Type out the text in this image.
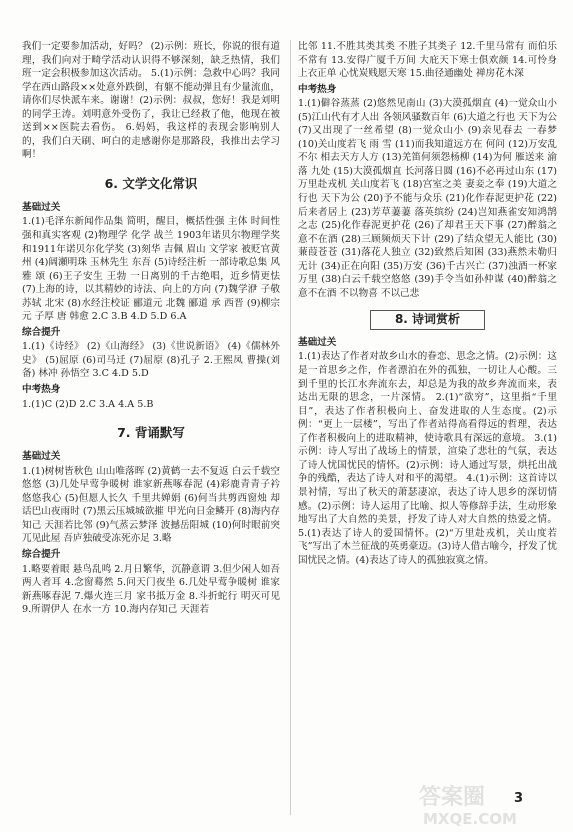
我们一定要参加活动，好吗？ (2)示例：班长，你说的很有道理，我们向对于畸学活动认识得不够深刻，缺乏热情，我们班一定会积极参加这次活动。 5.(1)示例：急救中心吗？我同学在西山路段××处意外跌倒，有躯不能动弹且有少量流血，请你们尽快派车来。谢谢！(2)示例：叔叔，您好！我是刘明的同学王涛。刘明意外受伤了，我让已经救了他，他现在被送到××医院去看伤。 6.妈妈，我这样的表现会影响别人的，我们白天刷、呵白的走感谢你是那路段，我推出去学习啊！

6. 文学文化常识
基础过关

1.(1)毛泽东新闻作品集 简明，醒目，概括性强 主体 时间性强和真实客观 (2)物理学 化学 战兰 1903年诺贝尔物理学奖和1911年诺贝尔化学奖 (3)刻华 吉佩 眉山 文学家 被贬官黄州 (4)阔瀬明珠 玉林先生 东吾 (5)诗经注析 一部诗歌总集 风 雅 颂 (6)王子安生 王勃 一日离别的千古绝唱，近乡情更怯 (7)上海的诗，以其精妙的诗法、向上的方向 (7)魏学洢 子敬 苏轼 北宋 (8)水经注校证 郦道元 北魏 郦道 承 西晋 (9)柳宗元 子厚 唐 韩愈 2.C 3.B 4.D 5.D 6.A

综合提升

1.(1)《诗经》 (2)《山海经》 (3)《世说新语》 (4)《儒林外史》 (5)屈原 (6)司马迁 (7)屈原 (8)孔子 2.王熙凤 曹操(刘备) 林冲 孙悟空 3.C 4.D 5.D

中考热身

1.(1)C (2)D 2.C 3.A 4.A 5.B

7. 背诵默写
基础过关

1.(1)树树皆秋色 山山唯落晖 (2)黄鹤一去不复返 白云千载空悠悠 (3)几处早莺争暖树 谁家新燕啄春泥 (4)彩鹿青青子衿 悠悠我心 (5)但愿人长久 千里共婵娟 (6)何当共剪西窗烛 却话巴山夜雨时 (7)黑云压城城欲摧 甲光向日金鳞开 (8)海内存知己 天涯若比邻 (9)气蒸云梦泽 波撼岳阳城 (10)何时眼前突兀见此屋 吾庐独破受冻死亦足 3.略

综合提升

1.略要着眼 悬鸟乱鸣 2.月日繁华，沉静意谓 3.但少闲人如吾两人者耳 4.念窗蓦然 5.问天门夜坐 6.几处早莺争暖树 谁家新燕啄春泥 7.爆火连三月 家书抵万金 8.斗折蛇行 明灭可见 9.所谓伊人 在水一方 10.海内存知己 天涯若

比邻 11.不胜其类其类 不胜子其类子 12.千里马常有 而伯乐不常有 13.安得广厦千万间 大庇天下寒士俱欢颜 14.可怜身上衣正单 心忧炭贱愿天寒 15.曲径通幽处 禅房花木深

中考热身

1.(1)僻谷蒸蒸 (2)悠然见南山 (3)大漠孤烟直 (4)一觉众山小 (5)江山代有才人出 各领风骚数百年 (6)大道之行也 天下为公 (7)又出现了一丝希望 (8)一觉众山小 (9)亲见春去 一春梦 (10)关山度若飞 雨 雪 (11)而我知道远方在 何问 (12)万安乱不尔 相去天方人方 (13)羌笛何须怨杨柳 (14)为何 雁送来 渝落 九处 (15)大漠孤烟直 长河落日圆 (16)不必再过山东 (17)万里赴戎机 关山度若飞 (18)宫室之美 妻妾之奉 (19)大道之行也 天下为公 (20)予不能与众乐 (21)化作春泥更护花 (22)后来者居上 (23)芳草萋萋 落英缤纷 (24)岂知燕雀安知鸿鹄之志 (25)化作春泥更护花 (26)了却君王天下事 (27)醉翁之意不在酒 (28)三顾频烦天下计 (29)了结众望无人能比 (30)蒹葭苍苍 (31)落花人独立 (32)致然后知困 (33)燕然未勒归无计 (34)正在向阳 (35)万安 (36)千古兴亡 (37)浊酒一杯家万里 (38)白云千载空悠悠 (39)手令当如孙仲谋 (40)醉翁之意不在酒 不以物喜 不以己悲

8. 诗词赏析
基础过关

1.(1)表达了作者对故乡山水的眷恋、思念之情。(2)示例：这是一首思乡之作，作者漂泊在外的孤独，一切让人心酸。三到千里的长江水奔流东去，却总是为我的故乡奔流而来，表达出无限的思念，一片深情。 2.(1)“欲穷”，这里指“千里目”，表达了作者积极向上、奋发进取的人生态度。(2)示例：“更上一层楼”，写出了作者站得高看得远的哲理，表达了作者积极向上的进取精神，使诗歌具有深远的意境。 3.(1)示例：诗人写出了战场上的情景，渲染了悲壮的气氛，表达了诗人忧国忧民的情怀。(2)示例：诗人通过写景，烘托出战争的残酷，表达了诗人对和平的渴望。 4.(1)示例：这首诗以景衬情，写出了秋天的萧瑟凄凉，表达了诗人思乡的深切情感。(2)示例：诗人运用了比喻、拟人等修辞手法，生动形象地写出了大自然的美景，抒发了诗人对大自然的热爱之情。 5.(1)表达了诗人的爱国情怀。(2)“万里赴戎机，关山度若飞”写出了木兰征战的英勇豪迈。(3)诗人借古喻今，抒发了忧国忧民之情。(4)表达了诗人的孤独寂寞之情。

3
答案圈
MXQE.COM
